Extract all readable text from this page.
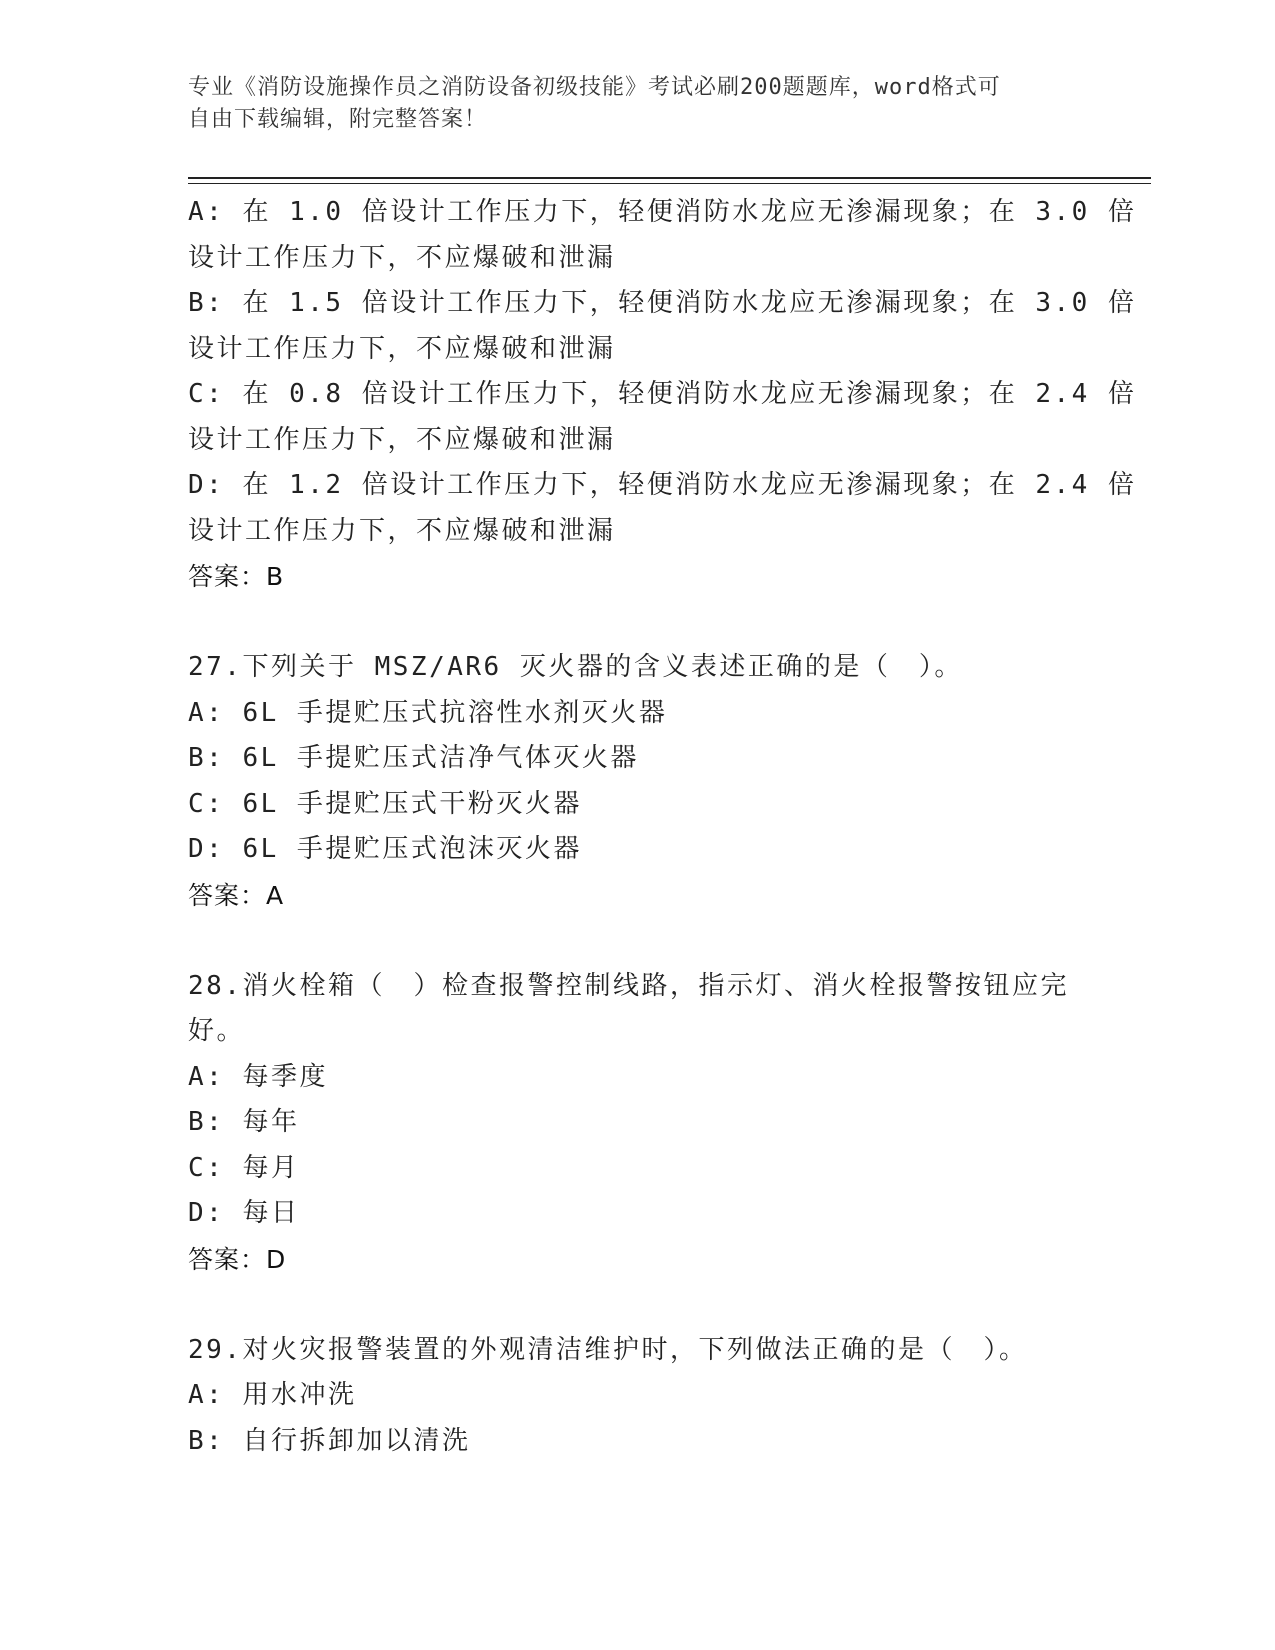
专业《消防设施操作员之消防设备初级技能》考试必刷200题题库，word格式可
自由下载编辑，附完整答案！
A: 在 1.0 倍设计工作压力下，轻便消防水龙应无渗漏现象；在 3.0 倍
设计工作压力下，不应爆破和泄漏
B: 在 1.5 倍设计工作压力下，轻便消防水龙应无渗漏现象；在 3.0 倍
设计工作压力下，不应爆破和泄漏
C: 在 0.8 倍设计工作压力下，轻便消防水龙应无渗漏现象；在 2.4 倍
设计工作压力下，不应爆破和泄漏
D: 在 1.2 倍设计工作压力下，轻便消防水龙应无渗漏现象；在 2.4 倍
设计工作压力下，不应爆破和泄漏
答案：B
27.下列关于 MSZ/AR6 灭火器的含义表述正确的是（　）。
A: 6L 手提贮压式抗溶性水剂灭火器
B: 6L 手提贮压式洁净气体灭火器
C: 6L 手提贮压式干粉灭火器
D: 6L 手提贮压式泡沫灭火器
答案：A
28.消火栓箱（　）检查报警控制线路，指示灯、消火栓报警按钮应完
好。
A: 每季度
B: 每年
C: 每月
D: 每日
答案：D
29.对火灾报警装置的外观清洁维护时，下列做法正确的是（　）。
A: 用水冲洗
B: 自行拆卸加以清洗
